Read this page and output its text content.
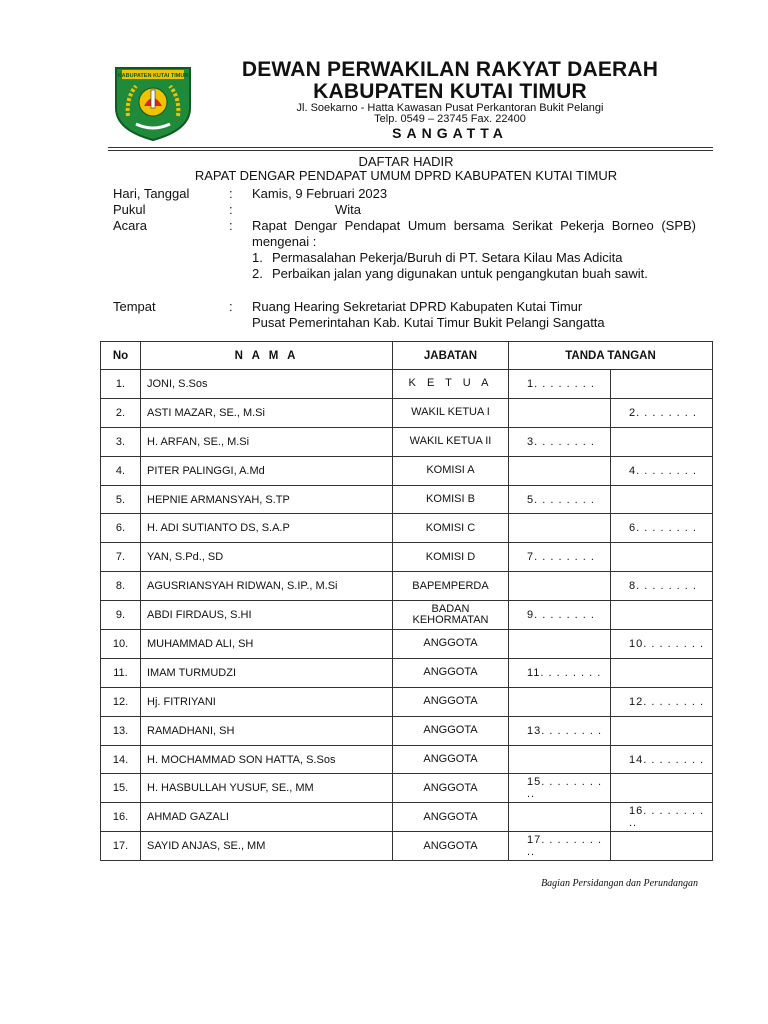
KABUPATEN KUTAI TIMUR	DEWAN PERWAKILAN RAKYAT DAERAH
KABUPATEN KUTAI TIMUR
Jl. Soekarno - Hatta Kawasan Pusat Perkantoran Bukit Pelangi
Telp. 0549 – 23745 Fax. 22400
SANGATTA
DAFTAR HADIR
RAPAT DENGAR PENDAPAT UMUM DPRD KABUPATEN KUTAI TIMUR
Hari, Tanggal	: Kamis, 9 Februari 2023
Pukul	:	Wita
Acara	: Rapat Dengar Pendapat Umum bersama Serikat Pekerja Borneo (SPB) mengenai :
1. Permasalahan Pekerja/Buruh di PT. Setara Kilau Mas Adicita
2. Perbaikan jalan yang digunakan untuk pengangkutan buah sawit.
Tempat	: Ruang Hearing Sekretariat DPRD Kabupaten Kutai Timur
Pusat Pemerintahan Kab. Kutai Timur Bukit Pelangi Sangatta
No	N A M A	JABATAN	TANDA TANGAN	
1.	JONI, S.Sos	K E T U A	1. . . . . . . .	
2.	ASTI MAZAR, SE., M.Si	WAKIL KETUA I		2. . . . . . . .
3.	H. ARFAN, SE., M.Si	WAKIL KETUA II	3. . . . . . . .	
4.	PITER PALINGGI, A.Md	KOMISI A		4. . . . . . . .
5.	HEPNIE ARMANSYAH, S.TP	KOMISI B	5. . . . . . . .	
6.	H. ADI SUTIANTO DS, S.A.P	KOMISI C		6. . . . . . . .
7.	YAN, S.Pd., SD	KOMISI D	7. . . . . . . .	
8.	AGUSRIANSYAH RIDWAN, S.IP., M.Si	BAPEMPERDA		8. . . . . . . .
9.	ABDI FIRDAUS, S.HI	BADAN KEHORMATAN	9. . . . . . . .	
10.	MUHAMMAD ALI, SH	ANGGOTA		10. . . . . . . .
11.	IMAM TURMUDZI	ANGGOTA	11. . . . . . . .	
12.	Hj. FITRIYANI	ANGGOTA		12. . . . . . . .
13.	RAMADHANI, SH	ANGGOTA	13. . . . . . . .	
14.	H. MOCHAMMAD SON HATTA, S.Sos	ANGGOTA		14. . . . . . . .
15.	H. HASBULLAH YUSUF, SE., MM	ANGGOTA	15. . . . . . . . ..	
16.	AHMAD GAZALI	ANGGOTA		16. . . . . . . . ..
17.	SAYID ANJAS, SE., MM	ANGGOTA	17. . . . . . . . ..	
Bagian Persidangan dan Perundangan
